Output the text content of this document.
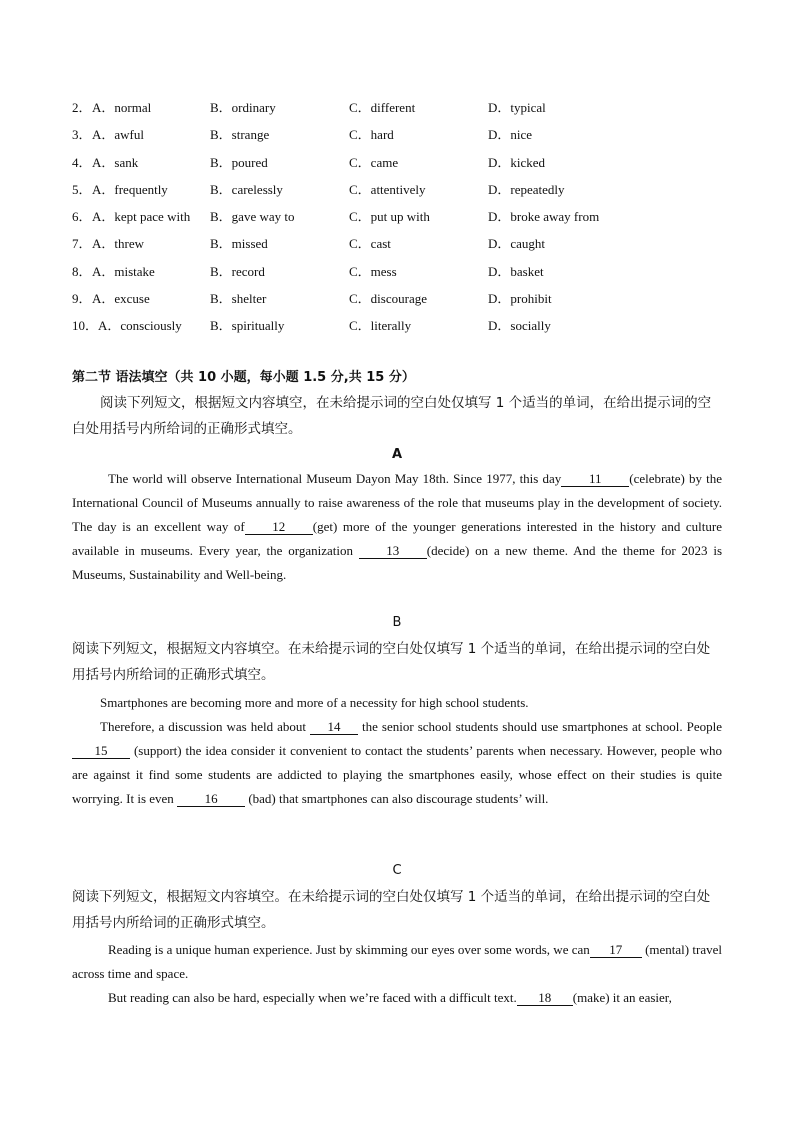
2． A．normal	B．ordinary	C．different	D．typical
3． A．awful	B．strange	C．hard	D．nice
4． A．sank	B．poured	C．came	D．kicked
5． A．frequently	B．carelessly	C．attentively	D．repeatedly
6． A．kept pace with B．gave way to	C．put up with	D．broke away from
7． A．threw	B．missed	C．cast	D．caught
8． A．mistake	B．record	C．mess	D．basket
9． A．excuse	B．shelter	C．discourage	D．prohibit
10． A．consciously B．spiritually	C．literally	D．socially
第二节 语法填空（共 10 小题，每小题 1.5 分,共 15 分）
阅读下列短文，根据短文内容填空，在未给提示词的空白处仅填写 1 个适当的单词，在给出提示词的空白处用括号内所给词的正确形式填空。
A
The world will observe International Museum Dayon May 18th. Since 1977, this day 11 (celebrate) by the International Council of Museums annually to raise awareness of the role that museums play in the development of society. The day is an excellent way of 12 (get) more of the younger generations interested in the history and culture available in museums. Every year, the organization	13 (decide) on a new theme. And the theme for 2023 is Museums, Sustainability and Well-being.
B
阅读下列短文，根据短文内容填空。在未给提示词的空白处仅填写 1 个适当的单词，在给出提示词的空白处用括号内所给词的正确形式填空。
Smartphones are becoming more and more of a necessity for high school students.
Therefore, a discussion was held about 14 the senior school students should use smartphones at school. People 15 (support) the idea consider it convenient to contact the students’ parents when necessary. However, people who are against it find some students are addicted to playing the smartphones easily, whose effect on their studies is quite worrying. It is even 16 (bad) that smartphones can also discourage students’ will.
C
阅读下列短文，根据短文内容填空。在未给提示词的空白处仅填写 1 个适当的单词，在给出提示词的空白处用括号内所给词的正确形式填空。
Reading is a unique human experience. Just by skimming our eyes over some words, we can 17 (mental) travel across time and space.
But reading can also be hard, especially when we’re faced with a difficult text. 18 (make) it an easier,
